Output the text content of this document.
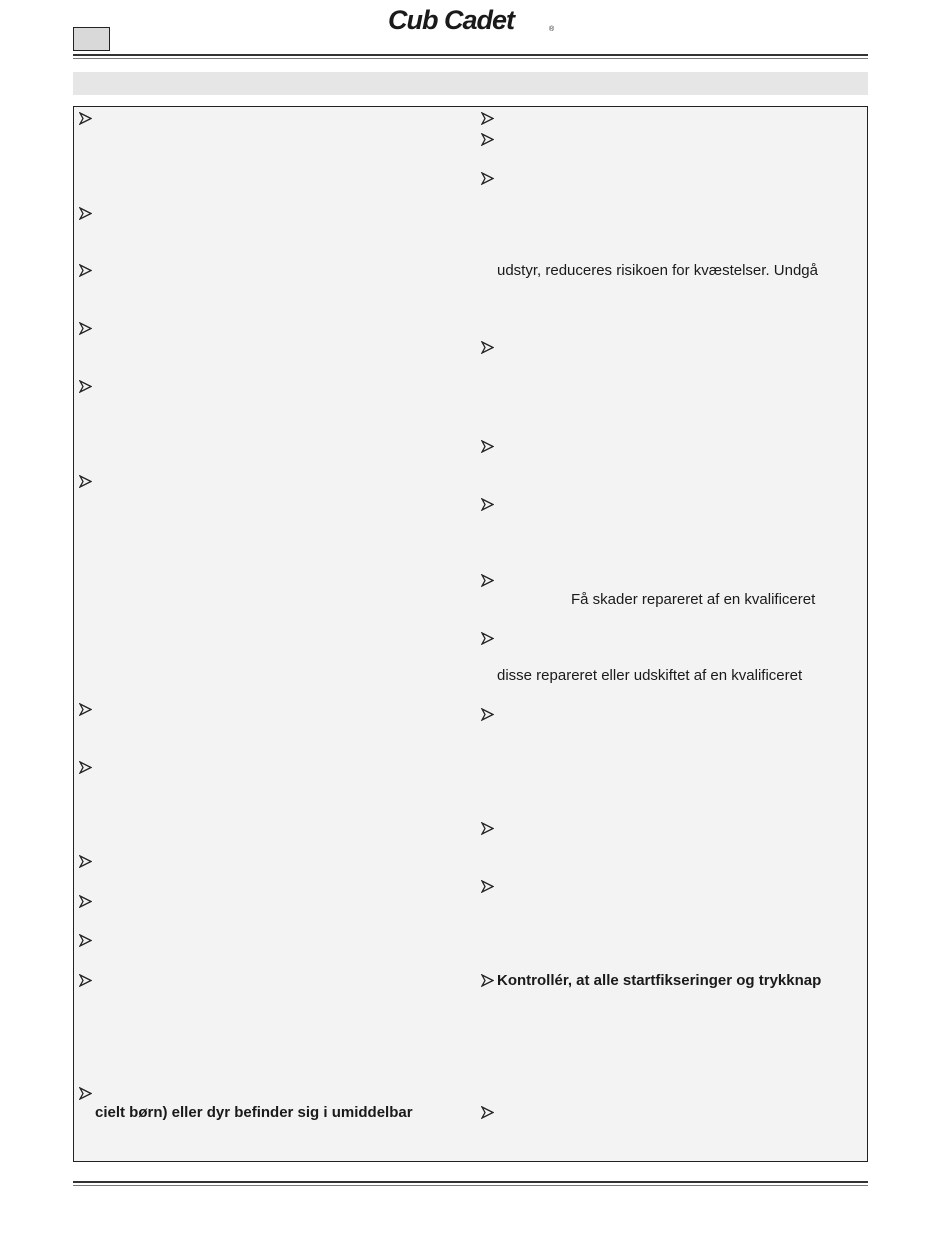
Cub Cadet	®
cielt børn) eller dyr befinder sig i umiddelbar
udstyr, reduceres risikoen for kvæstelser. Undgå
Få skader repareret af en kvalificeret
disse repareret eller udskiftet af en kvalificeret
Kontrollér, at alle startfikseringer og trykknap
